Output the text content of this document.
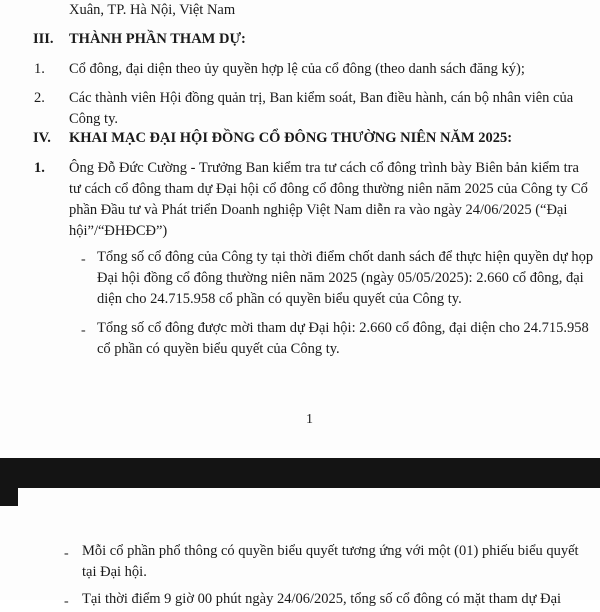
Xuân, TP. Hà Nội, Việt Nam
III. THÀNH PHẦN THAM DỰ:
1. Cổ đông, đại diện theo ủy quyền hợp lệ của cổ đông (theo danh sách đăng ký);
2. Các thành viên Hội đồng quản trị, Ban kiểm soát, Ban điều hành, cán bộ nhân viên của
Công ty.
IV. KHAI MẠC ĐẠI HỘI ĐỒNG CỔ ĐÔNG THƯỜNG NIÊN NĂM 2025:
1. Ông Đỗ Đức Cường - Trưởng Ban kiểm tra tư cách cổ đông trình bày Biên bản kiểm tra
tư cách cổ đông tham dự Đại hội cổ đông cổ đông thường niên năm 2025 của Công ty Cổ
phần Đầu tư và Phát triển Doanh nghiệp Việt Nam diễn ra vào ngày 24/06/2025 (“Đại
hội”/“ĐHĐCĐ”)
- Tổng số cổ đông của Công ty tại thời điểm chốt danh sách để thực hiện quyền dự họp
Đại hội đồng cổ đông thường niên năm 2025 (ngày 05/05/2025): 2.660 cổ đông, đại
diện cho 24.715.958 cổ phần có quyền biểu quyết của Công ty.
- Tổng số cổ đông được mời tham dự Đại hội: 2.660 cổ đông, đại diện cho 24.715.958
cổ phần có quyền biểu quyết của Công ty.
1
- Mỗi cổ phần phổ thông có quyền biểu quyết tương ứng với một (01) phiếu biểu quyết
tại Đại hội.
- Tại thời điểm 9 giờ 00 phút ngày 24/06/2025, tổng số cổ đông có mặt tham dự Đại
